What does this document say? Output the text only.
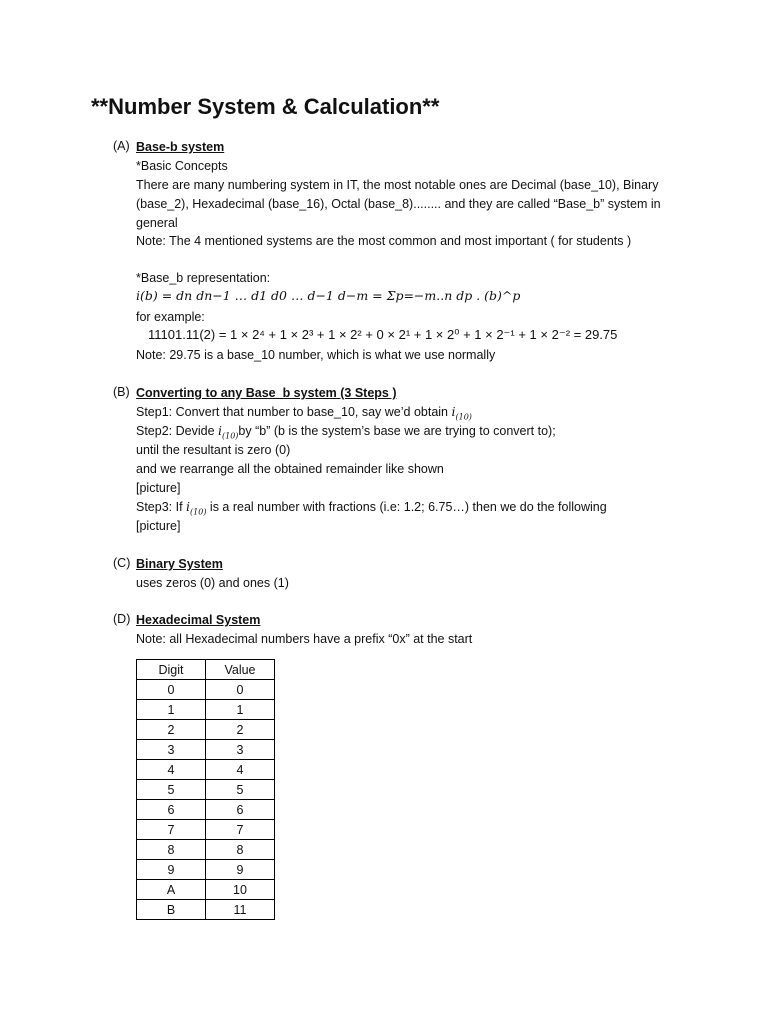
**Number System & Calculation**
(A) Base-b system
*Basic Concepts
There are many numbering system in IT, the most notable ones are Decimal (base_10), Binary
(base_2), Hexadecimal (base_16), Octal (base_8)........ and they are called “Base_b” system in
general
Note: The 4 mentioned systems are the most common and most important ( for students )
*Base_b representation:
i(b) = dn dn−1 … d1 d0 … d−1 d−m = Σp=−m..n dp . (b)^p
for example:
11101.11(2) = 1 × 2⁴ + 1 × 2³ + 1 × 2² + 0 × 2¹ + 1 × 2⁰ + 1 × 2⁻¹ + 1 × 2⁻² = 29.75
Note: 29.75 is a base_10 number, which is what we use normally
(B) Converting to any Base_b system (3 Steps )
Step1: Convert that number to base_10, say we’d obtain $i_{(10)}$
Step2: Devide $i_{(10)}by$ “b” (b is the system’s base we are trying to convert to);
until the resultant is zero (0)
and we rearrange all the obtained remainder like shown
[picture]
Step3: If $i_{(10)}$ is a real number with fractions (i.e: 1.2; 6.75…) then we do the following
[picture]
(C) Binary System
uses zeros (0) and ones (1)
(D) Hexadecimal System
Note: all Hexadecimal numbers have a prefix “0x” at the start
Digit	Value
0	0
1	1
2	2
3	3
4	4
5	5
6	6
7	7
8	8
9	9
A	10
B	11
